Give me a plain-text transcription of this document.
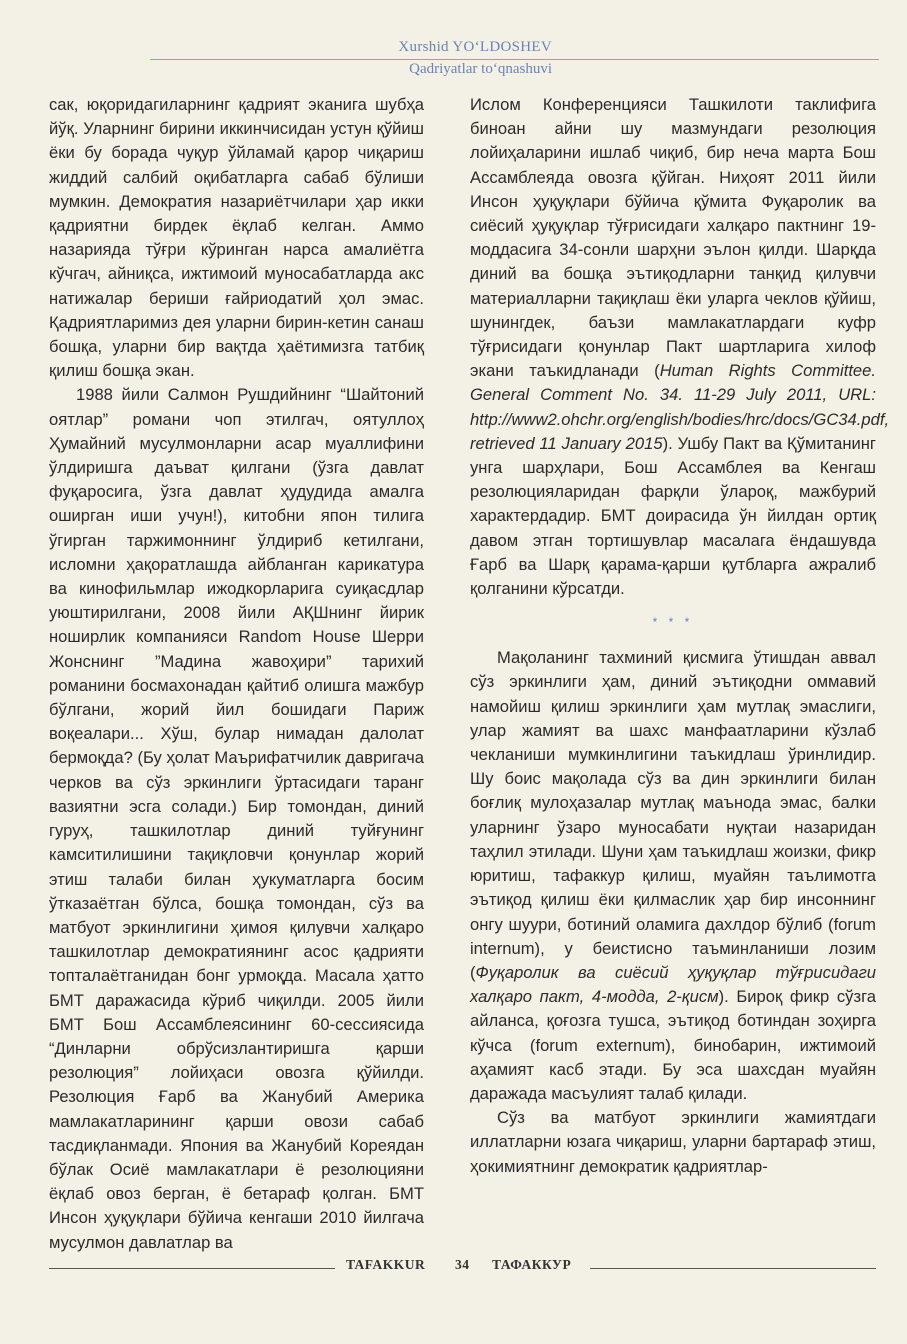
Xurshid YO‘LDOSHEV
Qadriyatlar to‘qnashuvi

сак, юқоридагиларнинг қадрият эканига шубҳа йўқ. Уларнинг бирини иккинчисидан устун қўйиш ёки бу борада чуқур ўйламай қарор чиқариш жиддий салбий оқибатларга сабаб бўлиши мумкин. Демократия назариётчилари ҳар икки қадриятни бирдек ёқлаб келган. Аммо назарияда тўғри кўринган нарса амалиётга кўчгач, айниқса, ижтимоий муносабатларда акс натижалар бериши ғайриодатий ҳол эмас. Қадриятларимиз дея уларни бирин-кетин санаш бошқа, уларни бир вақтда ҳаётимизга татбиқ қилиш бошқа экан.

1988 йили Салмон Рушдийнинг “Шайтоний оятлар” романи чоп этилгач, оятуллоҳ Ҳумайний мусулмонларни асар муаллифини ўлдиришга даъват қилгани (ўзга давлат фуқаросига, ўзга давлат ҳудудида амалга оширган иши учун!), китобни япон тилига ўгирган таржимоннинг ўлдириб кетилгани, исломни ҳақоратлашда айбланган карикатура ва кинофильмлар ижодкорларига суиқасдлар уюштирилгани, 2008 йили АҚШнинг йирик ноширлик компанияси Random House Шерри Жонснинг ”Мадина жавоҳири” тарихий романини босмахонадан қайтиб олишга мажбур бўлгани, жорий йил бошидаги Париж воқеалари... Хўш, булар нимадан далолат бермоқда? (Бу ҳолат Маърифатчилик давригача черков ва сўз эркинлиги ўртасидаги таранг вазиятни эсга солади.) Бир томондан, диний гуруҳ, ташкилотлар диний туйғунинг камситилишини тақиқловчи қонунлар жорий этиш талаби билан ҳукуматларга босим ўтказаётган бўлса, бошқа томондан, сўз ва матбуот эркинлигини ҳимоя қилувчи халқаро ташкилотлар демократиянинг асос қадрияти топталаётганидан бонг урмоқда. Масала ҳатто БМТ даражасида кўриб чиқилди. 2005 йили БМТ Бош Ассамблеясининг 60-сессиясида “Динларни обрўсизлантиришга қарши резолюция” лойиҳаси овозга қўйилди. Резолюция Ғарб ва Жанубий Америка мамлакатларининг қарши овози сабаб тасдиқланмади. Япония ва Жанубий Кореядан бўлак Осиё мамлакатлари ё резолюцияни ёқлаб овоз берган, ё бетараф қолган. БМТ Инсон ҳуқуқлари бўйича кенгаши 2010 йилгача мусулмон давлатлар ва

Ислом Конференцияси Ташкилоти таклифига биноан айни шу мазмундаги резолюция лойиҳаларини ишлаб чиқиб, бир неча марта Бош Ассамблеяда овозга қўйган. Ниҳоят 2011 йили Инсон ҳуқуқлари бўйича қўмита Фуқаролик ва сиёсий ҳуқуқлар тўғрисидаги халқаро пактнинг 19-моддасига 34-сонли шарҳни эълон қилди. Шарқда диний ва бошқа эътиқодларни танқид қилувчи материалларни тақиқлаш ёки уларга чеклов қўйиш, шунингдек, баъзи мамлакатлардаги куфр тўғрисидаги қонунлар Пакт шартларига хилоф экани таъкидланади (Human Rights Committee. General Comment No. 34. 11-29 July 2011, URL: http://www2.ohchr.org/english/bodies/hrc/docs/GC34.pdf, retrieved 11 January 2015). Ушбу Пакт ва Қўмитанинг унга шарҳлари, Бош Ассамблея ва Кенгаш резолюцияларидан фарқли ўлароқ, мажбурий характердадир. БМТ доирасида ўн йилдан ортиқ давом этган тортишувлар масалага ёндашувда Ғарб ва Шарқ қарама-қарши қутбларга ажралиб қолганини кўрсатди.

* * *

Мақоланинг тахминий қисмига ўтишдан аввал сўз эркинлиги ҳам, диний эътиқодни оммавий намойиш қилиш эркинлиги ҳам мутлақ эмаслиги, улар жамият ва шахс манфаатларини кўзлаб чекланиши мумкинлигини таъкидлаш ўринлидир. Шу боис мақолада сўз ва дин эркинлиги билан боғлиқ мулоҳазалар мутлақ маънода эмас, балки уларнинг ўзаро муносабати нуқтаи назаридан таҳлил этилади. Шуни ҳам таъкидлаш жоизки, фикр юритиш, тафаккур қилиш, муайян таълимотга эътиқод қилиш ёки қилмаслик ҳар бир инсоннинг онгу шуури, ботиний оламига дахлдор бўлиб (forum internum), у беистисно таъминланиши лозим (Фуқаролик ва сиёсий ҳуқуқлар тўғрисидаги халқаро пакт, 4-модда, 2-қисм). Бироқ фикр сўзга айланса, қоғозга тушса, эътиқод ботиндан зоҳирга кўчса (forum externum), бинобарин, ижтимоий аҳамият касб этади. Бу эса шахсдан муайян даражада масъулият талаб қилади.

Сўз ва матбуот эркинлиги жамиятдаги иллатларни юзага чиқариш, уларни бартараф этиш, ҳокимиятнинг демократик қадриятлар-

TAFAKKUR 34 ТАФАККУР
